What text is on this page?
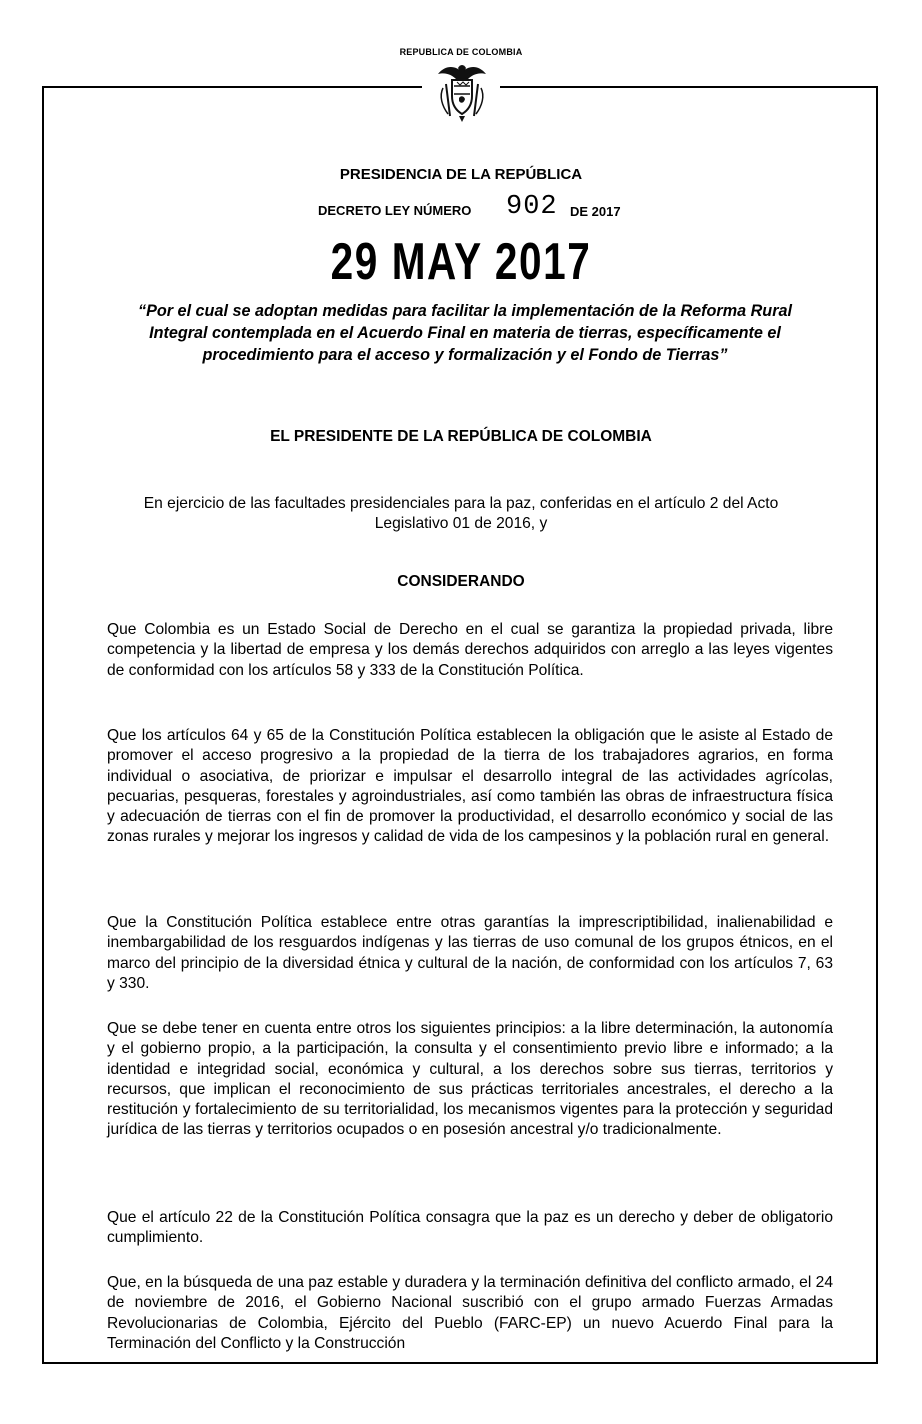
REPUBLICA DE COLOMBIA
PRESIDENCIA DE LA REPÚBLICA
DECRETO LEY NÚMERO 902 DE 2017
29 MAY 2017
“Por el cual se adoptan medidas para facilitar la implementación de la Reforma Rural Integral contemplada en el Acuerdo Final en materia de tierras, específicamente el procedimiento para el acceso y formalización y el Fondo de Tierras”
EL PRESIDENTE DE LA REPÚBLICA DE COLOMBIA
En ejercicio de las facultades presidenciales para la paz, conferidas en el artículo 2 del Acto Legislativo 01 de 2016, y
CONSIDERANDO
Que Colombia es un Estado Social de Derecho en el cual se garantiza la propiedad privada, libre competencia y la libertad de empresa y los demás derechos adquiridos con arreglo a las leyes vigentes de conformidad con los artículos 58 y 333 de la Constitución Política.
Que los artículos 64 y 65 de la Constitución Política establecen la obligación que le asiste al Estado de promover el acceso progresivo a la propiedad de la tierra de los trabajadores agrarios, en forma individual o asociativa, de priorizar e impulsar el desarrollo integral de las actividades agrícolas, pecuarias, pesqueras, forestales y agroindustriales, así como también las obras de infraestructura física y adecuación de tierras con el fin de promover la productividad, el desarrollo económico y social de las zonas rurales y mejorar los ingresos y calidad de vida de los campesinos y la población rural en general.
Que la Constitución Política establece entre otras garantías la imprescriptibilidad, inalienabilidad e inembargabilidad de los resguardos indígenas y las tierras de uso comunal de los grupos étnicos, en el marco del principio de la diversidad étnica y cultural de la nación, de conformidad con los artículos 7, 63 y 330.
Que se debe tener en cuenta entre otros los siguientes principios: a la libre determinación, la autonomía y el gobierno propio, a la participación, la consulta y el consentimiento previo libre e informado; a la identidad e integridad social, económica y cultural, a los derechos sobre sus tierras, territorios y recursos, que implican el reconocimiento de sus prácticas territoriales ancestrales, el derecho a la restitución y fortalecimiento de su territorialidad, los mecanismos vigentes para la protección y seguridad jurídica de las tierras y territorios ocupados o en posesión ancestral y/o tradicionalmente.
Que el artículo 22 de la Constitución Política consagra que la paz es un derecho y deber de obligatorio cumplimiento.
Que, en la búsqueda de una paz estable y duradera y la terminación definitiva del conflicto armado, el 24 de noviembre de 2016, el Gobierno Nacional suscribió con el grupo armado Fuerzas Armadas Revolucionarias de Colombia, Ejército del Pueblo (FARC-EP) un nuevo Acuerdo Final para la Terminación del Conflicto y la Construcción
